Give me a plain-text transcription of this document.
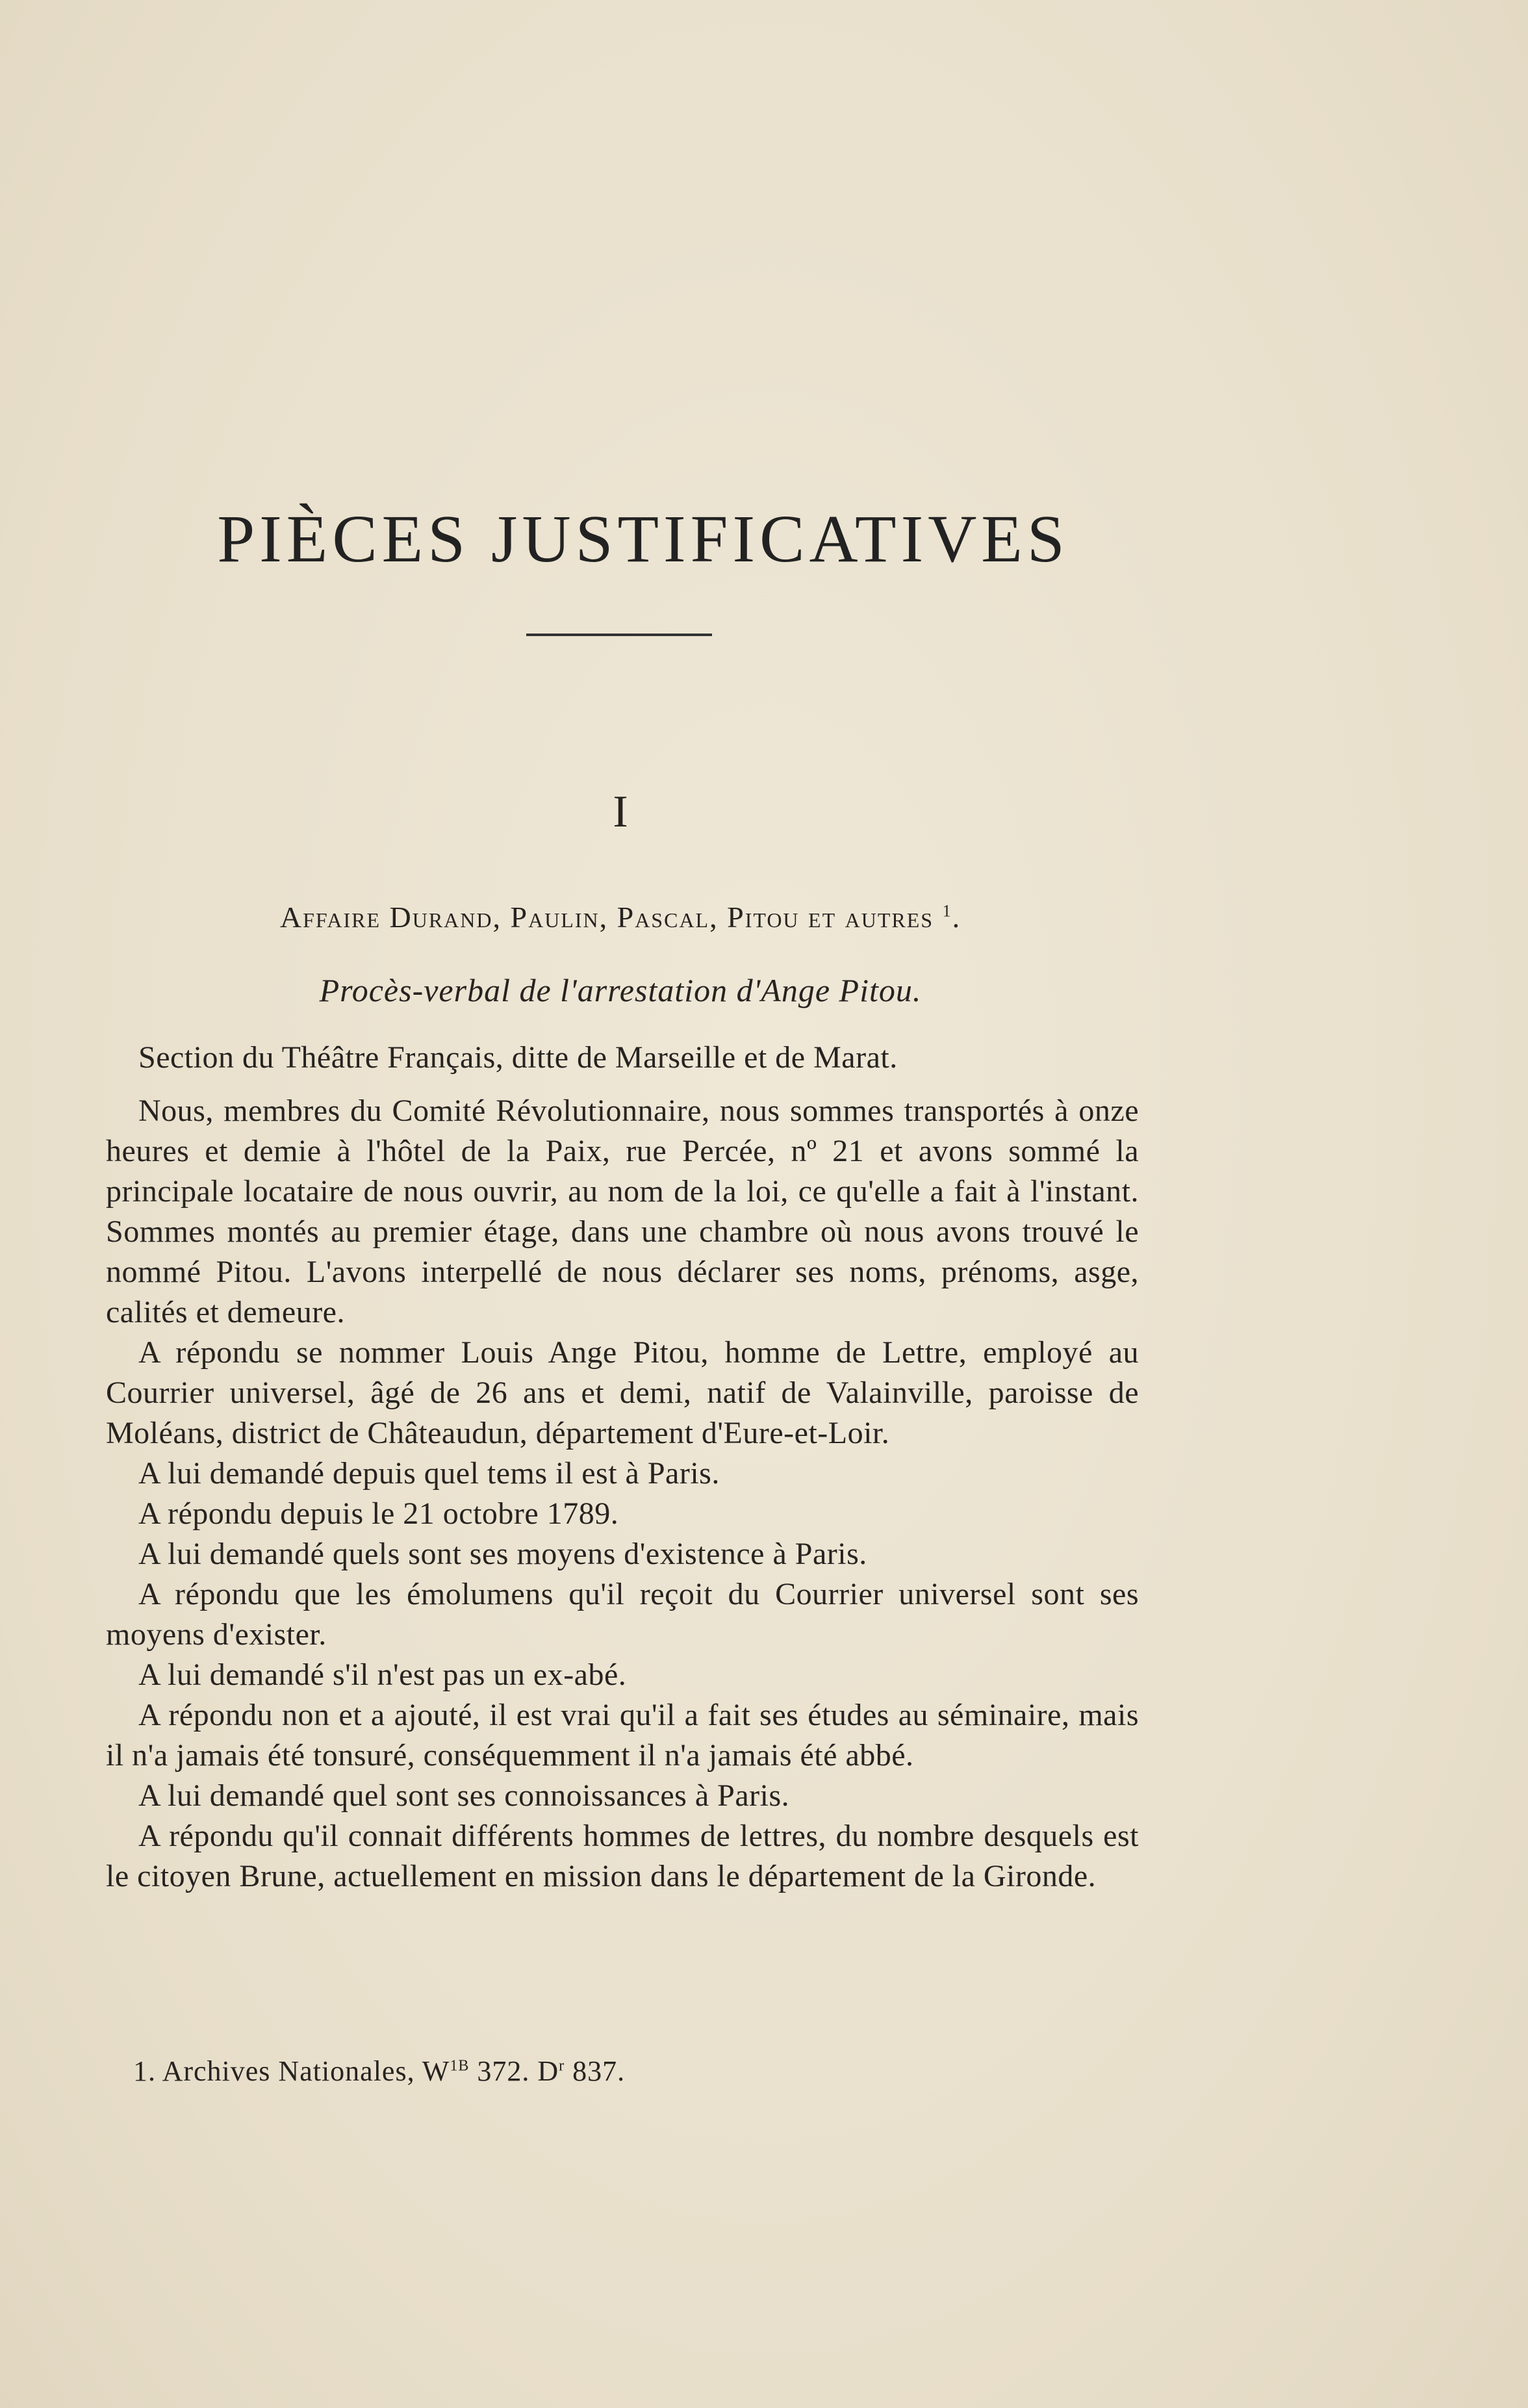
PIÈCES JUSTIFICATIVES
I
Affaire Durand, Paulin, Pascal, Pitou et autres $^1$.
Procès-verbal de l'arrestation d'Ange Pitou.

Section du Théâtre Français, ditte de Marseille et de Marat.

Nous, membres du Comité Révolutionnaire, nous sommes transportés à onze heures et demie à l'hôtel de la Paix, rue Percée, nº 21 et avons sommé la principale locataire de nous ouvrir, au nom de la loi, ce qu'elle a fait à l'instant. Sommes montés au premier étage, dans une chambre où nous avons trouvé le nommé Pitou. L'avons interpellé de nous déclarer ses noms, prénoms, asge, calités et demeure.

A répondu se nommer Louis Ange Pitou, homme de Lettre, employé au Courrier universel, âgé de 26 ans et demi, natif de Valainville, paroisse de Moléans, district de Châteaudun, département d'Eure-et-Loir.

A lui demandé depuis quel tems il est à Paris.

A répondu depuis le 21 octobre 1789.

A lui demandé quels sont ses moyens d'existence à Paris.

A répondu que les émolumens qu'il reçoit du Courrier universel sont ses moyens d'exister.

A lui demandé s'il n'est pas un ex-abé.

A répondu non et a ajouté, il est vrai qu'il a fait ses études au séminaire, mais il n'a jamais été tonsuré, conséquemment il n'a jamais été abbé.

A lui demandé quel sont ses connoissances à Paris.

A répondu qu'il connait différents hommes de lettres, du nombre desquels est le citoyen Brune, actuellement en mission dans le département de la Gironde.

1. Archives Nationales, $W^{1B}$ 372. $D^r$ 837.
